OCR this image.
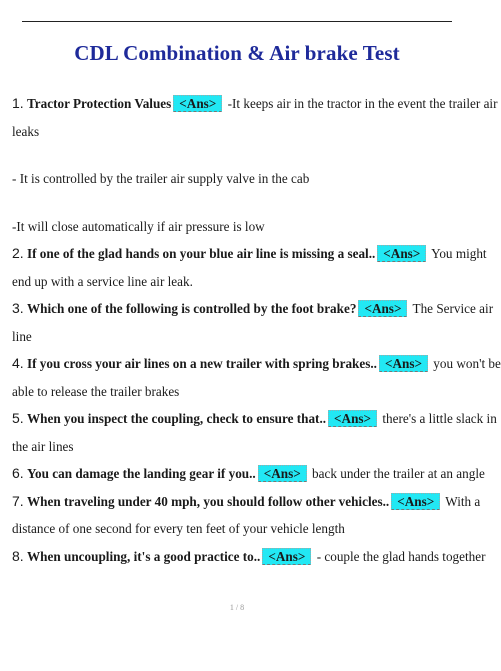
CDL Combination & Air brake Test
1. Tractor Protection Values <Ans> -It keeps air in the tractor in the event the trailer air
leaks
- It is controlled by the trailer air supply valve in the cab
-It will close automatically if air pressure is low
2. If one of the glad hands on your blue air line is missing a seal.. <Ans> You might
end up with a service line air leak.
3. Which one of the following is controlled by the foot brake? <Ans> The Service air
line
4. If you cross your air lines on a new trailer with spring brakes.. <Ans> you won't be
able to release the trailer brakes
5. When you inspect the coupling, check to ensure that.. <Ans> there's a little slack in
the air lines
6. You can damage the landing gear if you.. <Ans> back under the trailer at an angle
7. When traveling under 40 mph, you should follow other vehicles.. <Ans> With a
distance of one second for every ten feet of your vehicle length
8. When uncoupling, it's a good practice to.. <Ans> - couple the glad hands together
1 / 8
